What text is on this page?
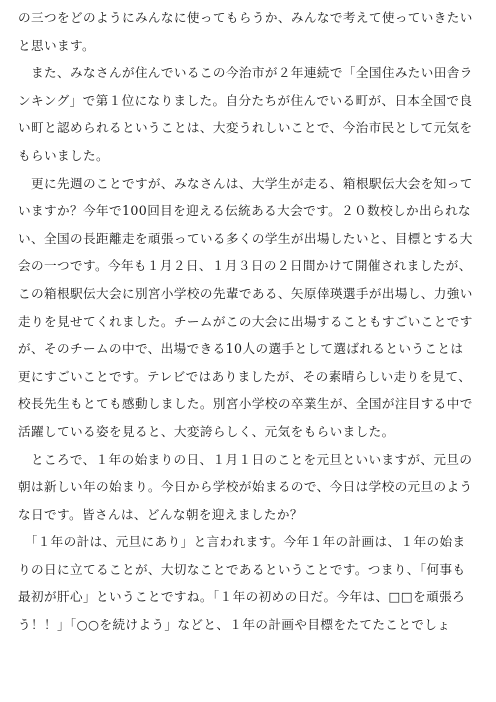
の三つをどのようにみんなに使ってもらうか、みんなで考えて使っていきたい
と思います。
　また、みなさんが住んでいるこの今治市が２年連続で「全国住みたい田舎ラ
ンキング」で第１位になりました。自分たちが住んでいる町が、日本全国で良
い町と認められるということは、大変うれしいことで、今治市民として元気を
もらいました。
　更に先週のことですが、みなさんは、大学生が走る、箱根駅伝大会を知って
いますか？今年で100回目を迎える伝統ある大会です。２０数校しか出られな
い、全国の長距離走を頑張っている多くの学生が出場したいと、目標とする大
会の一つです。今年も１月２日、１月３日の２日間かけて開催されましたが、
この箱根駅伝大会に別宮小学校の先輩である、矢原倖瑛選手が出場し、力強い
走りを見せてくれました。チームがこの大会に出場することもすごいことです
が、そのチームの中で、出場できる10人の選手として選ばれるということは
更にすごいことです。テレビではありましたが、その素晴らしい走りを見て、
校長先生もとても感動しました。別宮小学校の卒業生が、全国が注目する中で
活躍している姿を見ると、大変誇らしく、元気をもらいました。
　ところで、１年の始まりの日、１月１日のことを元旦といいますが、元旦の
朝は新しい年の始まり。今日から学校が始まるので、今日は学校の元旦のよう
な日です。皆さんは、どんな朝を迎えましたか？
　「１年の計は、元旦にあり」と言われます。今年１年の計画は、１年の始ま
りの日に立てることが、大切なことであるということです。つまり、「何事も
最初が肝心」ということですね。「１年の初めの日だ。今年は、□□を頑張ろ
う！！」「○○を続けよう」などと、１年の計画や目標をたてたことでしょ
